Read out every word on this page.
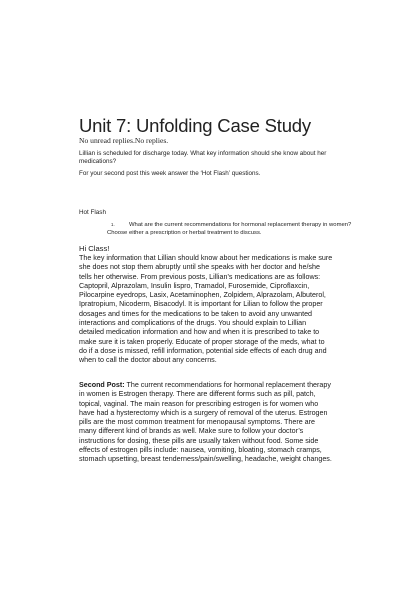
Unit 7: Unfolding Case Study
No unread replies.No replies.
Lillian is scheduled for discharge today. What key information should she know about her medications?
For your second post this week answer the ‘Hot Flash’ questions.
Hot Flash
1. What are the current recommendations for hormonal replacement therapy in women? Choose either a prescription or herbal treatment to discuss.
Hi Class!
The key information that Lillian should know about her medications is make sure she does not stop them abruptly until she speaks with her doctor and he/she tells her otherwise. From previous posts, Lillian’s medications are as follows: Captopril, Alprazolam, Insulin lispro, Tramadol, Furosemide, Ciproflaxcin, Pilocarpine eyedrops, Lasix, Acetaminophen, Zolpidem, Alprazolam, Albuterol, Ipratropium, Nicoderm, Bisacodyl. It is important for Lilian to follow the proper dosages and times for the medications to be taken to avoid any unwanted interactions and complications of the drugs. You should explain to Lillian detailed medication information and how and when it is prescribed to take to make sure it is taken properly. Educate of proper storage of the meds, what to do if a dose is missed, refill information, potential side effects of each drug and when to call the doctor about any concerns.
Second Post: The current recommendations for hormonal replacement therapy in women is Estrogen therapy. There are different forms such as pill, patch, topical, vaginal. The main reason for prescribing estrogen is for women who have had a hysterectomy which is a surgery of removal of the uterus. Estrogen pills are the most common treatment for menopausal symptoms. There are many different kind of brands as well. Make sure to follow your doctor’s instructions for dosing, these pills are usually taken without food. Some side effects of estrogen pills include: nausea, vomiting, bloating, stomach cramps, stomach upsetting, breast tenderness/pain/swelling, headache, weight changes.
